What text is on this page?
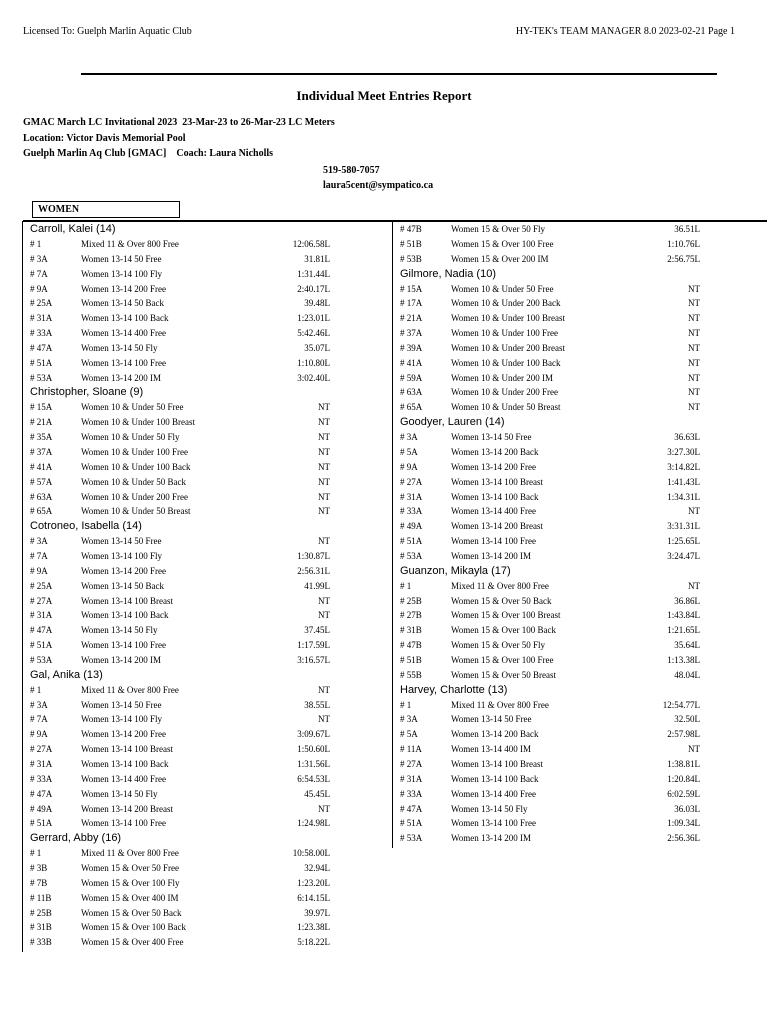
Licensed To: Guelph Marlin Aquatic Club	HY-TEK's TEAM MANAGER 8.0 2023-02-21 Page 1
Individual Meet Entries Report
GMAC March LC Invitational 2023  23-Mar-23 to 26-Mar-23 LC Meters
Location: Victor Davis Memorial Pool
Guelph Marlin Aq Club [GMAC]    Coach: Laura Nicholls
519-580-7057
laura5cent@sympatico.ca
WOMEN
Carroll, Kalei (14)
# 1	Mixed 11 & Over 800 Free	12:06.58L
# 3A	Women 13-14 50 Free	31.81L
# 7A	Women 13-14 100 Fly	1:31.44L
# 9A	Women 13-14 200 Free	2:40.17L
# 25A	Women 13-14 50 Back	39.48L
# 31A	Women 13-14 100 Back	1:23.01L
# 33A	Women 13-14 400 Free	5:42.46L
# 47A	Women 13-14 50 Fly	35.07L
# 51A	Women 13-14 100 Free	1:10.80L
# 53A	Women 13-14 200 IM	3:02.40L
Christopher, Sloane (9)
# 15A	Women 10 & Under 50 Free	NT
# 21A	Women 10 & Under 100 Breast	NT
# 35A	Women 10 & Under 50 Fly	NT
# 37A	Women 10 & Under 100 Free	NT
# 41A	Women 10 & Under 100 Back	NT
# 57A	Women 10 & Under 50 Back	NT
# 63A	Women 10 & Under 200 Free	NT
# 65A	Women 10 & Under 50 Breast	NT
Cotroneo, Isabella (14)
# 3A	Women 13-14 50 Free	NT
# 7A	Women 13-14 100 Fly	1:30.87L
# 9A	Women 13-14 200 Free	2:56.31L
# 25A	Women 13-14 50 Back	41.99L
# 27A	Women 13-14 100 Breast	NT
# 31A	Women 13-14 100 Back	NT
# 47A	Women 13-14 50 Fly	37.45L
# 51A	Women 13-14 100 Free	1:17.59L
# 53A	Women 13-14 200 IM	3:16.57L
Gal, Anika (13)
# 1	Mixed 11 & Over 800 Free	NT
# 3A	Women 13-14 50 Free	38.55L
# 7A	Women 13-14 100 Fly	NT
# 9A	Women 13-14 200 Free	3:09.67L
# 27A	Women 13-14 100 Breast	1:50.60L
# 31A	Women 13-14 100 Back	1:31.56L
# 33A	Women 13-14 400 Free	6:54.53L
# 47A	Women 13-14 50 Fly	45.45L
# 49A	Women 13-14 200 Breast	NT
# 51A	Women 13-14 100 Free	1:24.98L
Gerrard, Abby (16)
# 1	Mixed 11 & Over 800 Free	10:58.00L
# 3B	Women 15 & Over 50 Free	32.94L
# 7B	Women 15 & Over 100 Fly	1:23.20L
# 11B	Women 15 & Over 400 IM	6:14.15L
# 25B	Women 15 & Over 50 Back	39.97L
# 31B	Women 15 & Over 100 Back	1:23.38L
# 33B	Women 15 & Over 400 Free	5:18.22L
# 47B	Women 15 & Over 50 Fly	36.51L
# 51B	Women 15 & Over 100 Free	1:10.76L
# 53B	Women 15 & Over 200 IM	2:56.75L
Gilmore, Nadia (10)
# 15A	Women 10 & Under 50 Free	NT
# 17A	Women 10 & Under 200 Back	NT
# 21A	Women 10 & Under 100 Breast	NT
# 37A	Women 10 & Under 100 Free	NT
# 39A	Women 10 & Under 200 Breast	NT
# 41A	Women 10 & Under 100 Back	NT
# 59A	Women 10 & Under 200 IM	NT
# 63A	Women 10 & Under 200 Free	NT
# 65A	Women 10 & Under 50 Breast	NT
Goodyer, Lauren (14)
# 3A	Women 13-14 50 Free	36.63L
# 5A	Women 13-14 200 Back	3:27.30L
# 9A	Women 13-14 200 Free	3:14.82L
# 27A	Women 13-14 100 Breast	1:41.43L
# 31A	Women 13-14 100 Back	1:34.31L
# 33A	Women 13-14 400 Free	NT
# 49A	Women 13-14 200 Breast	3:31.31L
# 51A	Women 13-14 100 Free	1:25.65L
# 53A	Women 13-14 200 IM	3:24.47L
Guanzon, Mikayla (17)
# 1	Mixed 11 & Over 800 Free	NT
# 25B	Women 15 & Over 50 Back	36.86L
# 27B	Women 15 & Over 100 Breast	1:43.84L
# 31B	Women 15 & Over 100 Back	1:21.65L
# 47B	Women 15 & Over 50 Fly	35.64L
# 51B	Women 15 & Over 100 Free	1:13.38L
# 55B	Women 15 & Over 50 Breast	48.04L
Harvey, Charlotte (13)
# 1	Mixed 11 & Over 800 Free	12:54.77L
# 3A	Women 13-14 50 Free	32.50L
# 5A	Women 13-14 200 Back	2:57.98L
# 11A	Women 13-14 400 IM	NT
# 27A	Women 13-14 100 Breast	1:38.81L
# 31A	Women 13-14 100 Back	1:20.84L
# 33A	Women 13-14 400 Free	6:02.59L
# 47A	Women 13-14 50 Fly	36.03L
# 51A	Women 13-14 100 Free	1:09.34L
# 53A	Women 13-14 200 IM	2:56.36L
